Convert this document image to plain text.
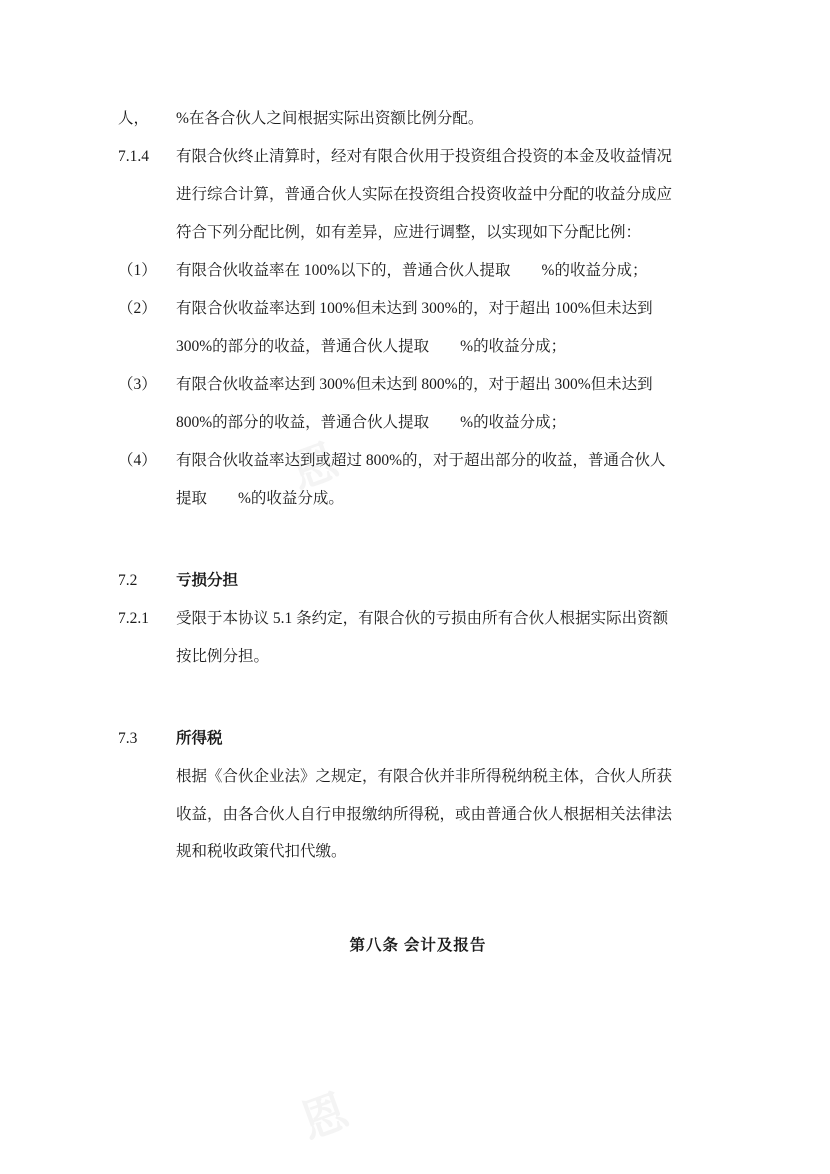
人，	%在各合伙人之间根据实际出资额比例分配。
7.1.4	有限合伙终止清算时，经对有限合伙用于投资组合投资的本金及收益情况
进行综合计算，普通合伙人实际在投资组合投资收益中分配的收益分成应
符合下列分配比例，如有差异，应进行调整，以实现如下分配比例：
（1）	有限合伙收益率在 100%以下的，普通合伙人提取　　%的收益分成；
（2）	有限合伙收益率达到 100%但未达到 300%的，对于超出 100%但未达到
300%的部分的收益，普通合伙人提取　　%的收益分成；
（3）	有限合伙收益率达到 300%但未达到 800%的，对于超出 300%但未达到
800%的部分的收益，普通合伙人提取　　%的收益分成；
（4）	有限合伙收益率达到或超过 800%的，对于超出部分的收益，普通合伙人
提取　　%的收益分成。
7.2	亏损分担
7.2.1	受限于本协议 5.1 条约定，有限合伙的亏损由所有合伙人根据实际出资额
按比例分担。
7.3	所得税
根据《合伙企业法》之规定，有限合伙并非所得税纳税主体，合伙人所获
收益，由各合伙人自行申报缴纳所得税，或由普通合伙人根据相关法律法
规和税收政策代扣代缴。
第八条 会计及报告
